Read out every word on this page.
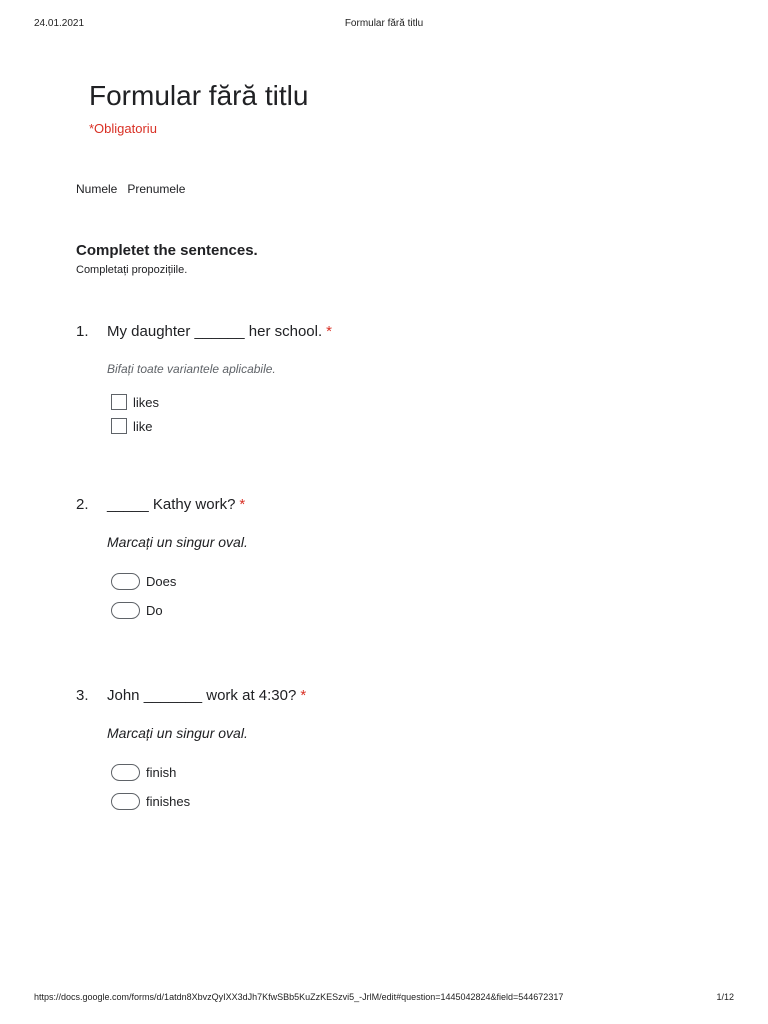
24.01.2021	Formular fără titlu
Formular fără titlu
*Obligatoriu
Numele   Prenumele
Completet the sentences.
Completați propozițiile.
1. My daughter ______ her school. *
Bifați toate variantele aplicabile.
likes
like
2. _____ Kathy work? *
Marcați un singur oval.
Does
Do
3. John _______ work at 4:30? *
Marcați un singur oval.
finish
finishes
https://docs.google.com/forms/d/1atdn8XbvzQyIXX3dJh7KfwSBb5KuZzKESzvi5_-JrlM/edit#question=1445042824&field=544672317	1/12
